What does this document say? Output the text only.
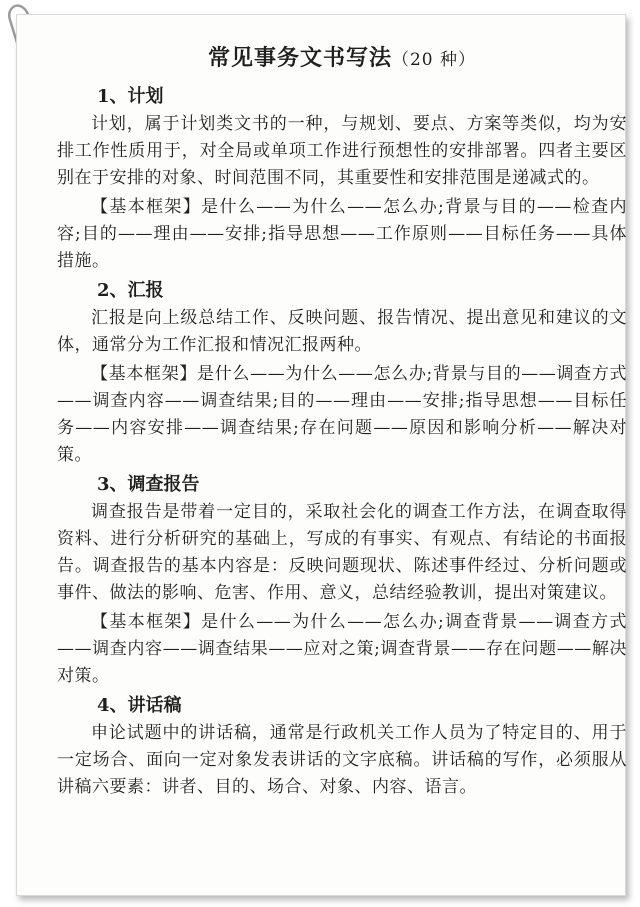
常见事务文书写法（20 种）
1、计划

计划，属于计划类文书的一种，与规划、要点、方案等类似，均为安排工作性质用于，对全局或单项工作进行预想性的安排部署。四者主要区别在于安排的对象、时间范围不同，其重要性和安排范围是递减式的。

【基本框架】是什么——为什么——怎么办;背景与目的——检查内容;目的——理由——安排;指导思想——工作原则——目标任务——具体措施。

2、汇报

汇报是向上级总结工作、反映问题、报告情况、提出意见和建议的文体，通常分为工作汇报和情况汇报两种。

【基本框架】是什么——为什么——怎么办;背景与目的——调查方式——调查内容——调查结果;目的——理由——安排;指导思想——目标任务——内容安排——调查结果;存在问题——原因和影响分析——解决对策。

3、调查报告

调查报告是带着一定目的，采取社会化的调查工作方法，在调查取得资料、进行分析研究的基础上，写成的有事实、有观点、有结论的书面报告。调查报告的基本内容是：反映问题现状、陈述事件经过、分析问题或事件、做法的影响、危害、作用、意义，总结经验教训，提出对策建议。

【基本框架】是什么——为什么——怎么办;调查背景——调查方式——调查内容——调查结果——应对之策;调查背景——存在问题——解决对策。

4、讲话稿

申论试题中的讲话稿，通常是行政机关工作人员为了特定目的、用于一定场合、面向一定对象发表讲话的文字底稿。讲话稿的写作，必须服从讲稿六要素：讲者、目的、场合、对象、内容、语言。
